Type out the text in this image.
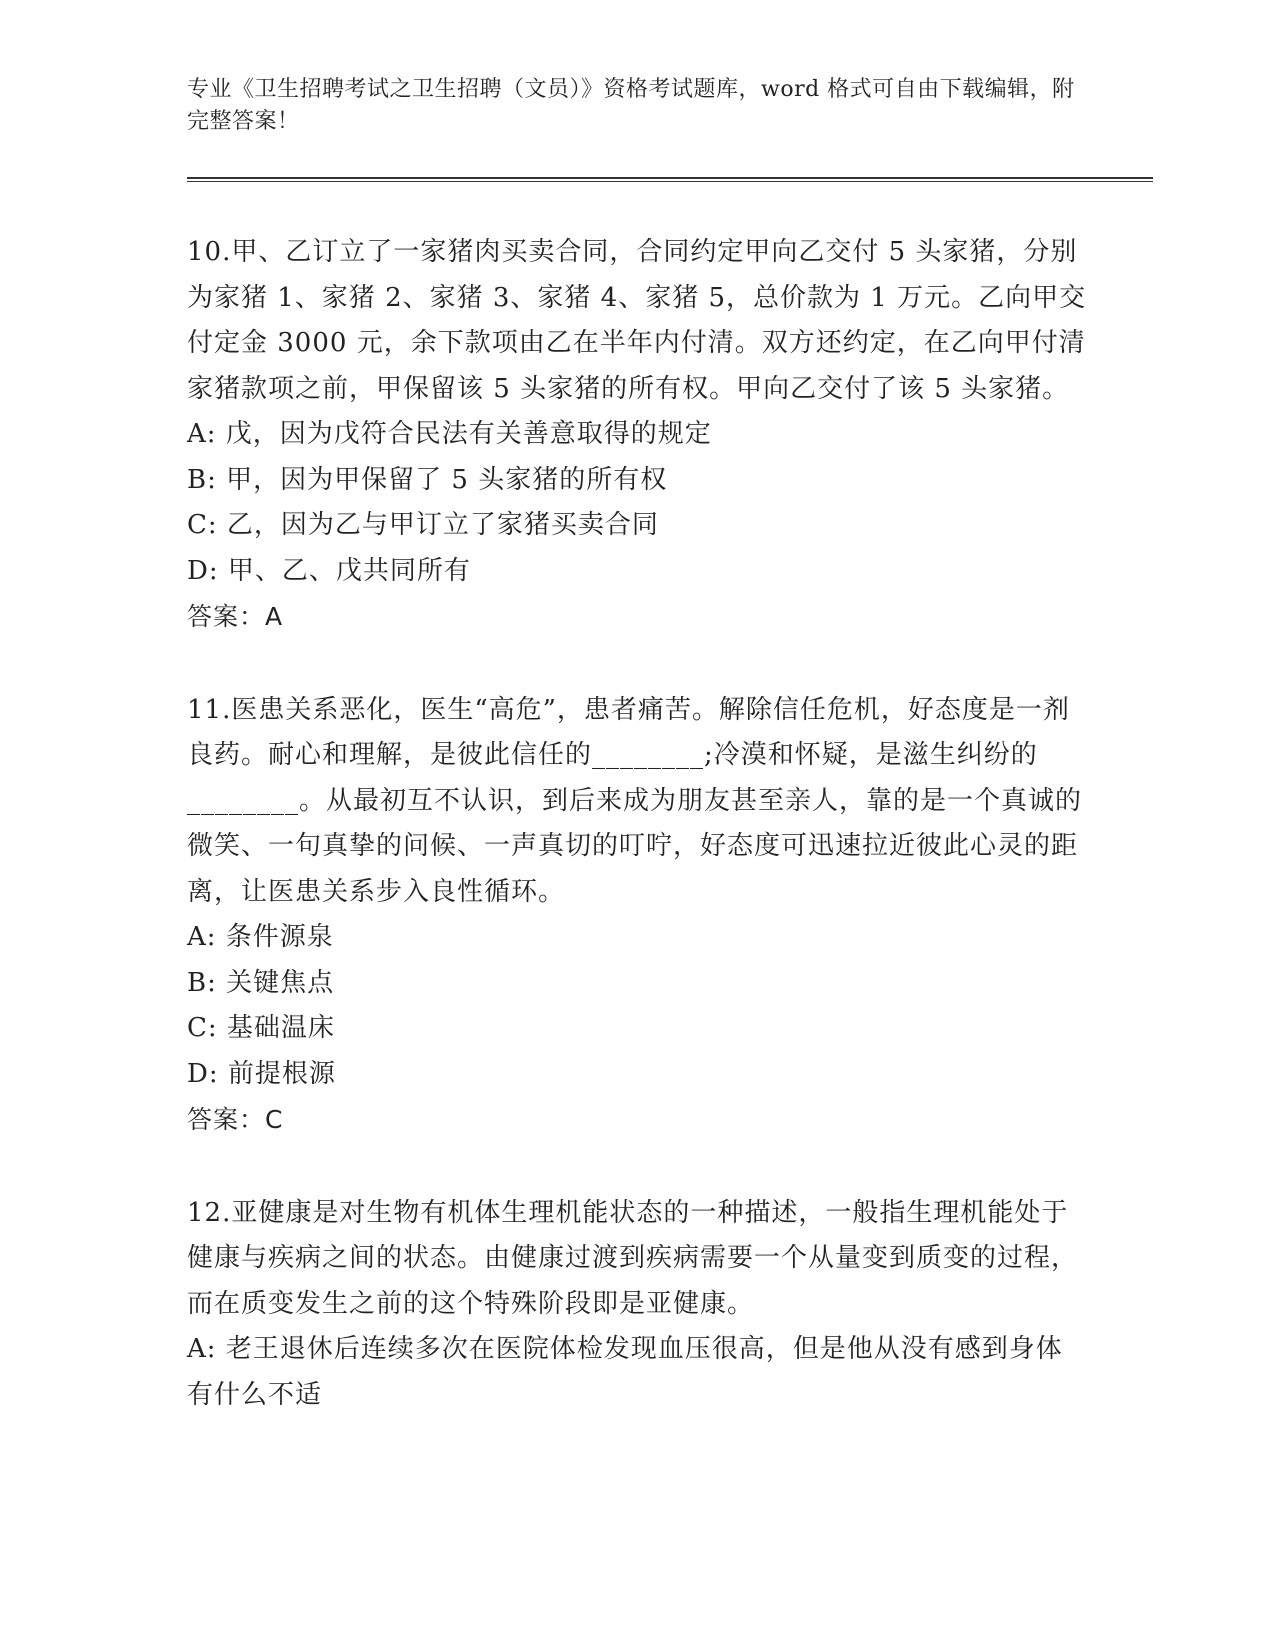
专业《卫生招聘考试之卫生招聘（文员）》资格考试题库，word 格式可自由下载编辑，附完整答案！

10.甲、乙订立了一家猪肉买卖合同，合同约定甲向乙交付 5 头家猪，分别为家猪 1、家猪 2、家猪 3、家猪 4、家猪 5，总价款为 1 万元。乙向甲交付定金 3000 元，余下款项由乙在半年内付清。双方还约定，在乙向甲付清家猪款项之前，甲保留该 5 头家猪的所有权。甲向乙交付了该 5 头家猪。

A: 戊，因为戊符合民法有关善意取得的规定

B: 甲，因为甲保留了 5 头家猪的所有权

C: 乙，因为乙与甲订立了家猪买卖合同

D: 甲、乙、戊共同所有

答案：A

11.医患关系恶化，医生“高危”，患者痛苦。解除信任危机，好态度是一剂良药。耐心和理解，是彼此信任的________;冷漠和怀疑，是滋生纠纷的________。从最初互不认识，到后来成为朋友甚至亲人，靠的是一个真诚的微笑、一句真挚的问候、一声真切的叮咛，好态度可迅速拉近彼此心灵的距离，让医患关系步入良性循环。

A: 条件源泉

B: 关键焦点

C: 基础温床

D: 前提根源

答案：C

12.亚健康是对生物有机体生理机能状态的一种描述，一般指生理机能处于健康与疾病之间的状态。由健康过渡到疾病需要一个从量变到质变的过程，而在质变发生之前的这个特殊阶段即是亚健康。

A: 老王退休后连续多次在医院体检发现血压很高，但是他从没有感到身体有什么不适
